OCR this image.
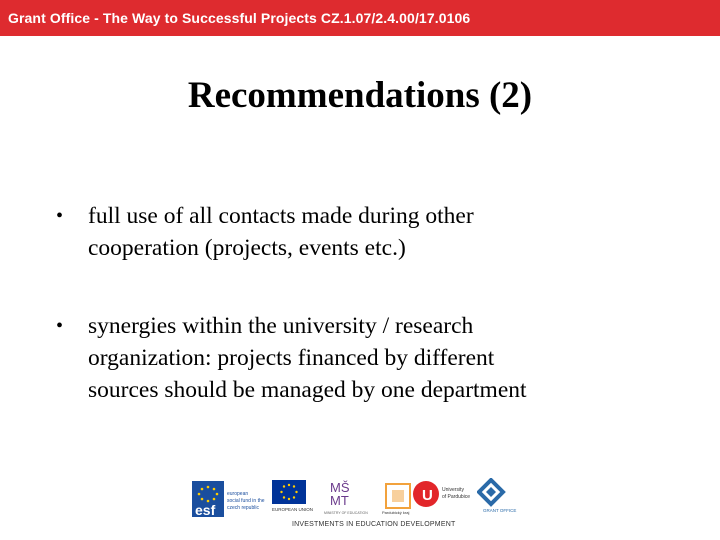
Grant Office - The Way to Successful Projects CZ.1.07/2.4.00/17.0106
Recommendations (2)
• full use of all contacts made during other
cooperation (projects, events etc.)
• synergies within the university / research
organization: projects financed by different
sources should be managed by one department
esf
european
social fund in the
czech republic	EUROPEAN UNION
MŠ
MT
MINISTRY OF EDUCATION	Pardubický kraj
U University
of Pardubice
GRANT OFFICE
INVESTMENTS IN EDUCATION DEVELOPMENT
